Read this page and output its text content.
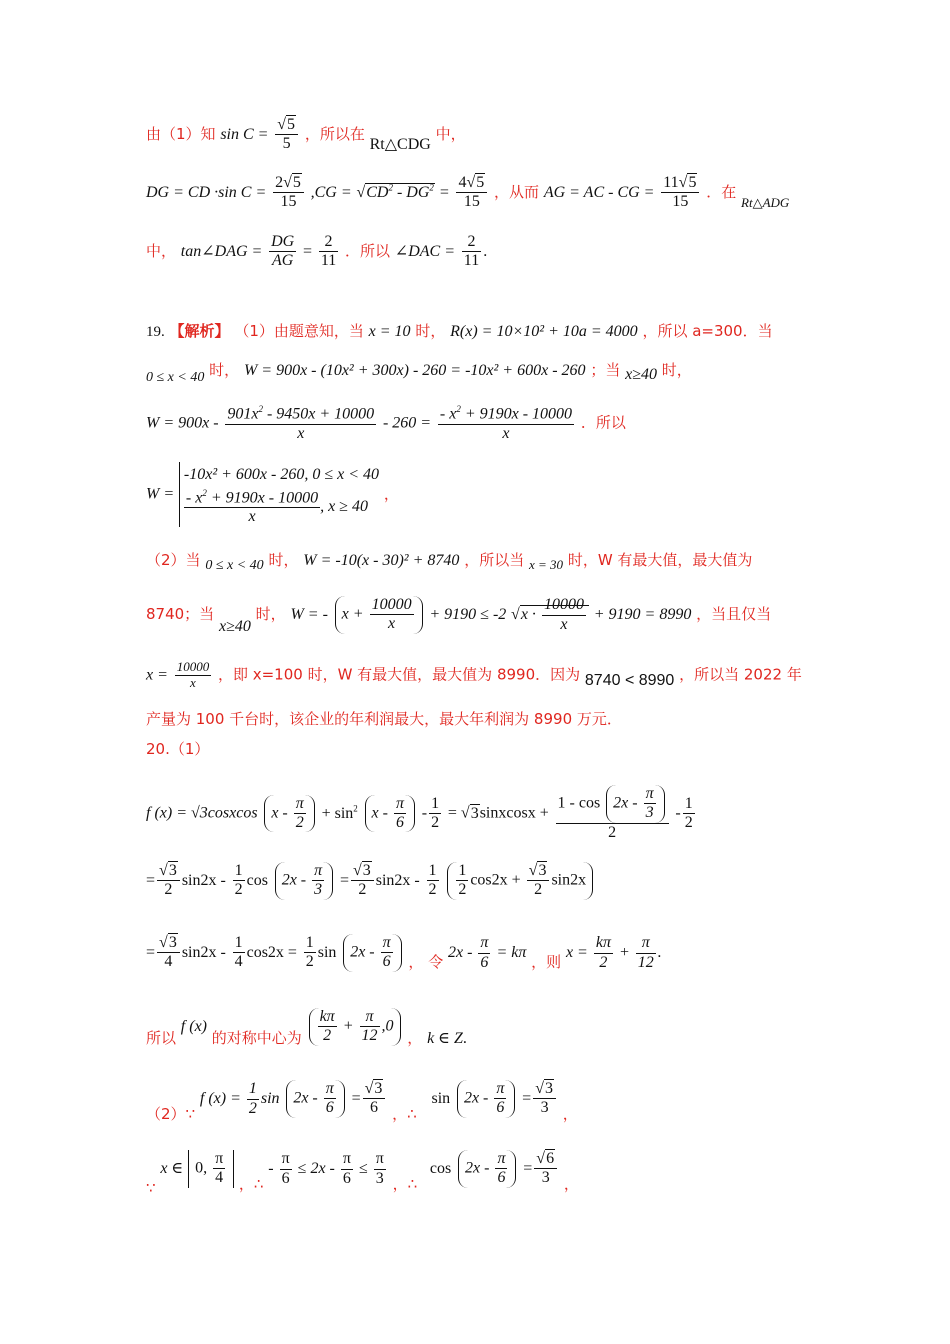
由（1）知 $\sin C = \frac{√5}{5}$ ，所以在 Rt△CDG 中，
DG = CD ·sin $C = \frac{2√5}{15} ,CG = √CD^2 - DG^2 = \frac{4√5}{15}$ ，从而 AG = AC - CG = $\frac{11√5}{15}$ ．在 Rt△ADG
中， tan∠DAG = $\frac{DG}{AG} = \frac{2}{11}$ ．所以 ∠DAC = $\frac{2}{11}$ .
19. 【解析】 （1）由题意知，当 x = 10 时， R(x) = 10×10² + 10a = 4000 ，所以 a=300．当
0 ≤ x < 40 时， W = 900x - (10x² + 300x) - 260 = -10x² + 600x - 260 ；当 x≥40 时，
$W = 900x - \frac{901x^2 - 9450x + 10000}{x} - 260 = \frac{- x^2 + 9190x - 10000}{x}$ ．所以
W = -10x² + 600x - 260, 0 ≤ x < 40

$\frac{- x^2 + 9190x - 10000}{x}$ , x ≥ 40 ，
（2）当 0 ≤ x < 40 时， W = -10(x - 30)² + 8740 ，所以当 x = 30 时，W 有最大值，最大值为
8740；当 x≥40 时， W = - $x + \frac{10000}{x} + 9190 \le -2$ $√x \cdot \frac{10000}{x} + 9190 = 8990$ ，当且仅当
$x = \frac{10000}{x}$ ，即 x=100 时，W 有最大值，最大值为 8990．因为 8740 < 8990 ，所以当 2022 年
产量为 100 千台时，该企业的年利润最大，最大年利润为 8990 万元．
20.（1）
f (x) = √3cosxcos $x - \frac{\pi}{2} + \sin^2 x - \frac{\pi}{6} - \frac{1}{2}$ = √3sinxcosx + $\frac{1 - \cos 2x - \frac{\pi}{3}}{2} - \frac{1}{2}$
= $\frac{√3}{2} \sin 2x - \frac{1}{2}$ $\cos 2x - \frac{\pi}{3} = \frac{√3}{2} \sin 2x - \frac{1}{2}$
$\frac{1}{2} \cos 2x + \frac{√3}{2} \sin 2x$
= $\frac{√3}{4} \sin 2x - \frac{1}{4} \cos 2x = \frac{1}{2}$ $\sin 2x - \frac{\pi}{6}$ ， 令 $2x - \frac{\pi}{6} = k\pi$ ，则 $x = \frac{k\pi}{2} + \frac{\pi}{12}$ .
所以 f (x) 的对称中心为 $\frac{k\pi}{2} + \frac{\pi}{12} ,0$ ， k ∈ Z.
（2）∵ f $(x) = \frac{1}{2}$ $\sin 2x - \frac{\pi}{6} = \frac{√3}{6}$ ，∴ $\sin 2x - \frac{\pi}{6} = \frac{√3}{3}$ ，
∵ x ∈ 0, $\frac{\pi}{4}$ ，∴ - $\frac{\pi}{6} \le 2x - \frac{\pi}{6} \le \frac{\pi}{3}$ ，∴ $\cos 2x - \frac{\pi}{6} = \frac{√6}{3}$ ，
